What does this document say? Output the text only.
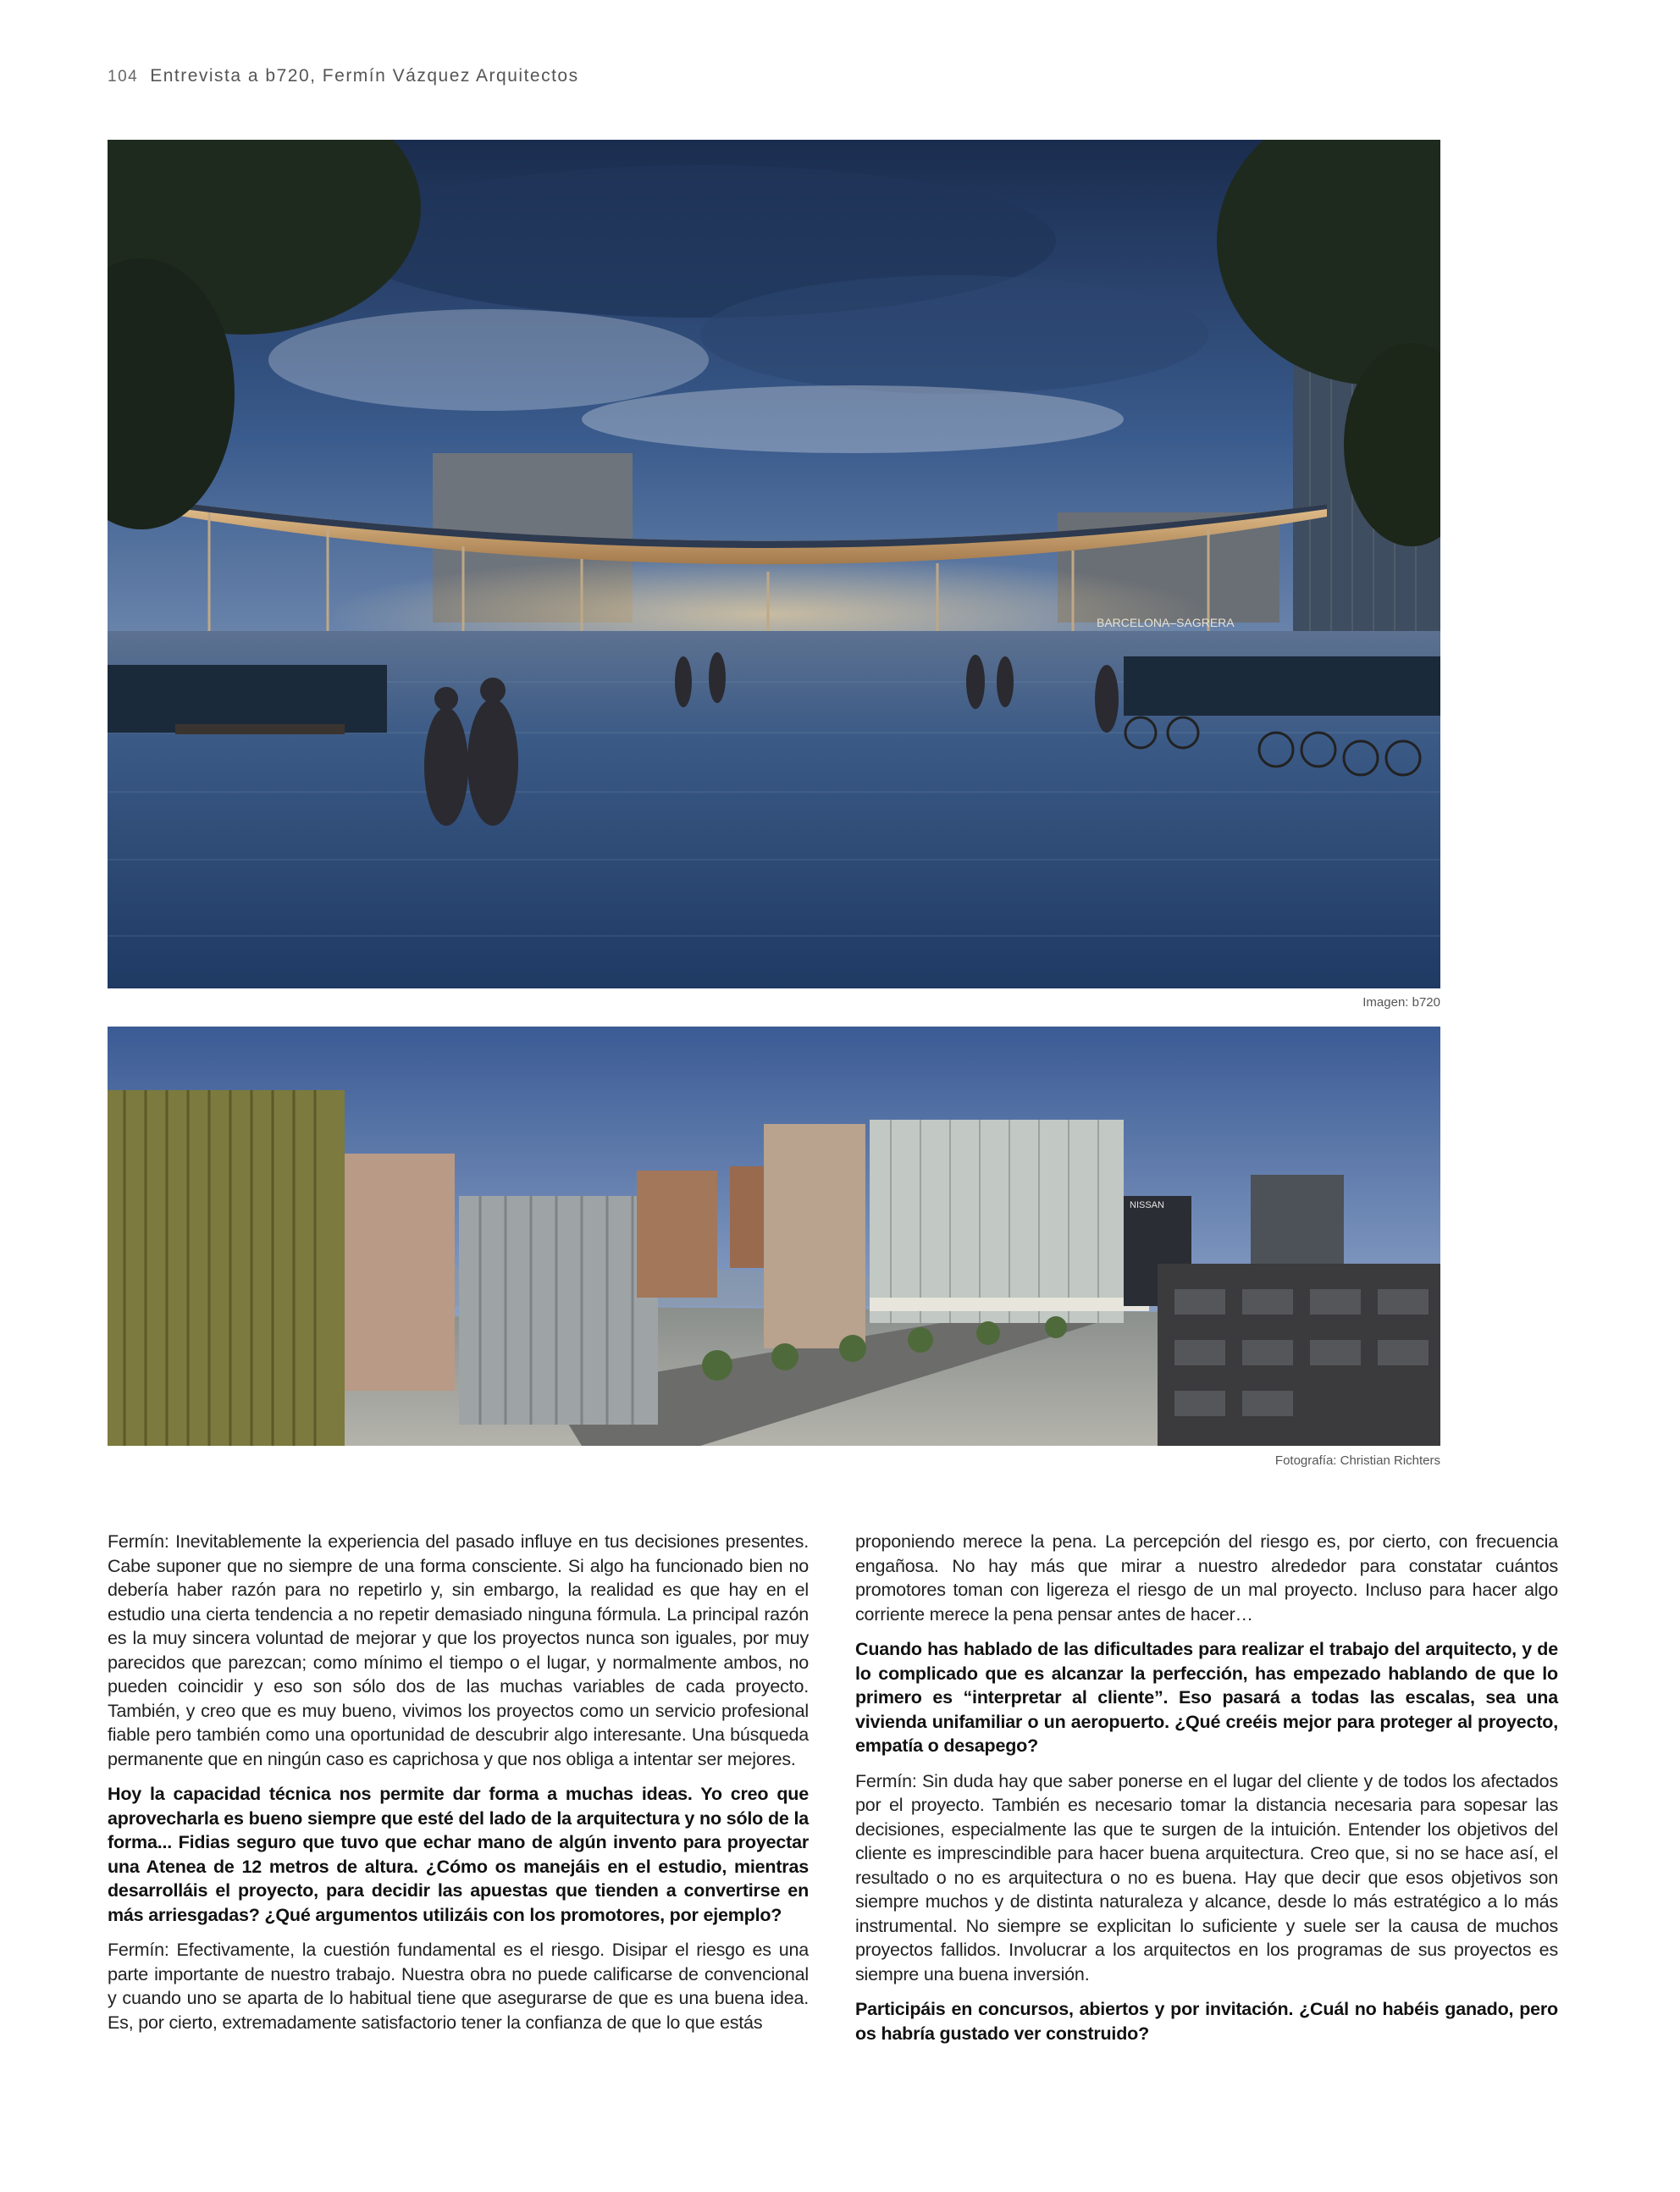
104 Entrevista a b720, Fermín Vázquez Arquitectos
BARCELONA–SAGRERA
Imagen: b720
NISSAN
Fotografía: Christian Richters

Fermín: Inevitablemente la experiencia del pasado influye en tus decisiones presentes. Cabe suponer que no siempre de una forma consciente. Si algo ha funcionado bien no debería haber razón para no repetirlo y, sin embargo, la realidad es que hay en el estudio una cierta tendencia a no repetir demasiado ninguna fórmula. La principal razón es la muy sincera voluntad de mejorar y que los proyectos nunca son iguales, por muy parecidos que parezcan; como mínimo el tiempo o el lugar, y normalmente ambos, no pueden coincidir y eso son sólo dos de las muchas variables de cada proyecto. También, y creo que es muy bueno, vivimos los proyectos como un servicio profesional fiable pero también como una oportunidad de descubrir algo interesante. Una búsqueda permanente que en ningún caso es caprichosa y que nos obliga a intentar ser mejores.

Hoy la capacidad técnica nos permite dar forma a muchas ideas. Yo creo que aprovecharla es bueno siempre que esté del lado de la arquitectura y no sólo de la forma... Fidias seguro que tuvo que echar mano de algún invento para proyectar una Atenea de 12 metros de altura. ¿Cómo os manejáis en el estudio, mientras desarrolláis el proyecto, para decidir las apuestas que tienden a convertirse en más arriesgadas? ¿Qué argumentos utilizáis con los promotores, por ejemplo?

Fermín: Efectivamente, la cuestión fundamental es el riesgo. Disipar el riesgo es una parte importante de nuestro trabajo. Nuestra obra no puede calificarse de convencional y cuando uno se aparta de lo habitual tiene que asegurarse de que es una buena idea. Es, por cierto, extremadamente satisfactorio tener la confianza de que lo que estás

proponiendo merece la pena. La percepción del riesgo es, por cierto, con frecuencia engañosa. No hay más que mirar a nuestro alrededor para constatar cuántos promotores toman con ligereza el riesgo de un mal proyecto. Incluso para hacer algo corriente merece la pena pensar antes de hacer…

Cuando has hablado de las dificultades para realizar el trabajo del arquitecto, y de lo complicado que es alcanzar la perfección, has empezado hablando de que lo primero es “interpretar al cliente”. Eso pasará a todas las escalas, sea una vivienda unifamiliar o un aeropuerto. ¿Qué creéis mejor para proteger al proyecto, empatía o desapego?

Fermín: Sin duda hay que saber ponerse en el lugar del cliente y de todos los afectados por el proyecto. También es necesario tomar la distancia necesaria para sopesar las decisiones, especialmente las que te surgen de la intuición. Entender los objetivos del cliente es imprescindible para hacer buena arquitectura. Creo que, si no se hace así, el resultado o no es arquitectura o no es buena. Hay que decir que esos objetivos son siempre muchos y de distinta naturaleza y alcance, desde lo más estratégico a lo más instrumental. No siempre se explicitan lo suficiente y suele ser la causa de muchos proyectos fallidos. Involucrar a los arquitectos en los programas de sus proyectos es siempre una buena inversión.

Participáis en concursos, abiertos y por invitación. ¿Cuál no habéis ganado, pero os habría gustado ver construido?
